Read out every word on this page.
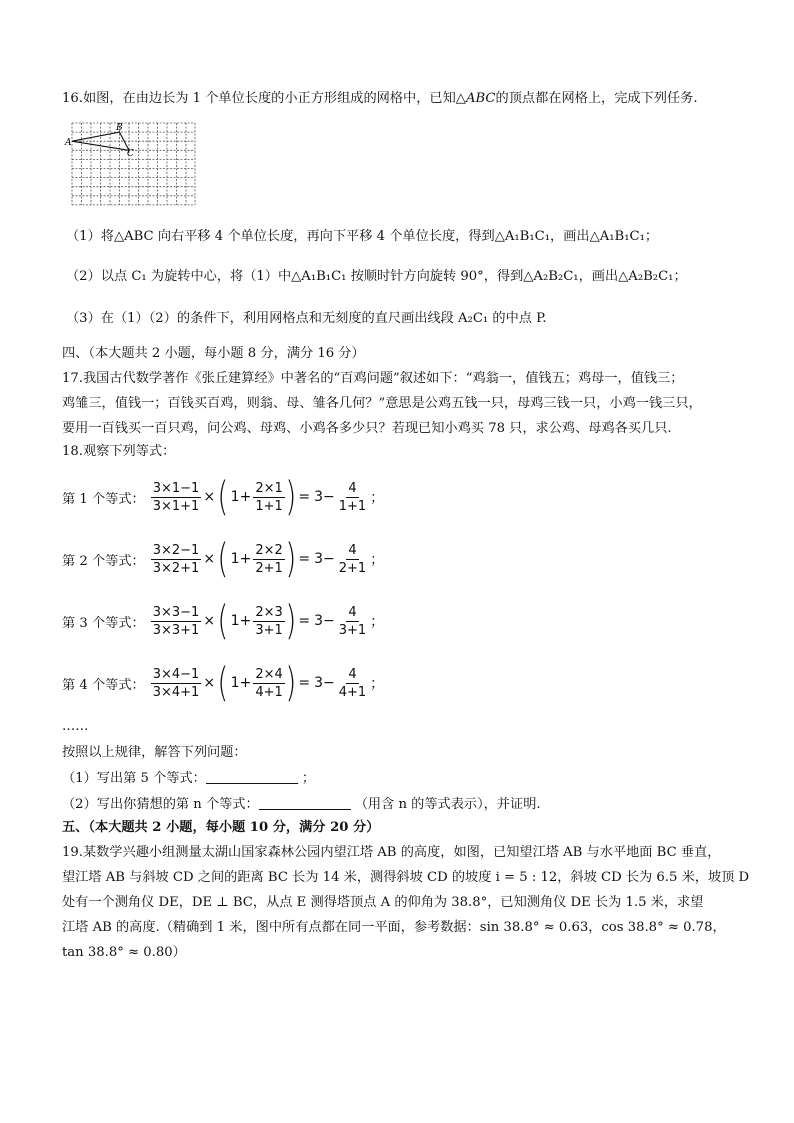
16.如图，在由边长为 1 个单位长度的小正方形组成的网格中，已知△ABC的顶点都在网格上，完成下列任务.
A
B
C
（1）将△ABC 向右平移 4 个单位长度，再向下平移 4 个单位长度，得到△A₁B₁C₁，画出△A₁B₁C₁；
（2）以点 C₁ 为旋转中心，将（1）中△A₁B₁C₁ 按顺时针方向旋转 90°，得到△A₂B₂C₁，画出△A₂B₂C₁；
（3）在（1）（2）的条件下，利用网格点和无刻度的直尺画出线段 A₂C₁ 的中点 P.
四、（本大题共 2 小题，每小题 8 分，满分 16 分）
17.我国古代数学著作《张丘建算经》中著名的“百鸡问题”叙述如下：“鸡翁一，值钱五；鸡母一，值钱三；
鸡雏三，值钱一；百钱买百鸡，则翁、母、雏各几何？”意思是公鸡五钱一只，母鸡三钱一只，小鸡一钱三只，
要用一百钱买一百只鸡，问公鸡、母鸡、小鸡各多少只？若现已知小鸡买 78 只，求公鸡、母鸡各买几只.
18.观察下列等式：
第 1 个等式： $\frac{3\times 1-1}{3\times 1+1}$ × ( $1+ \frac{2\times 1}{1+1}$ ) = $3- \frac{4}{1+1}$ ；
第 2 个等式： $\frac{3\times 2-1}{3\times 2+1}$ × ( $1+ \frac{2\times 2}{2+1}$ ) = $3- \frac{4}{2+1}$ ；
第 3 个等式： $\frac{3\times 3-1}{3\times 3+1}$ × ( $1+ \frac{2\times 3}{3+1}$ ) = $3- \frac{4}{3+1}$ ；
第 4 个等式： $\frac{3\times 4-1}{3\times 4+1}$ × ( $1+ \frac{2\times 4}{4+1}$ ) = $3- \frac{4}{4+1}$ ；
……
按照以上规律，解答下列问题：
（1）写出第 5 个等式：	；
（2）写出你猜想的第 n 个等式：	（用含 n 的等式表示），并证明.
五、（本大题共 2 小题，每小题 10 分，满分 20 分）
19.某数学兴趣小组测量太湖山国家森林公园内望江塔 AB 的高度，如图，已知望江塔 AB 与水平地面 BC 垂直，
望江塔 AB 与斜坡 CD 之间的距离 BC 长为 14 米，测得斜坡 CD 的坡度 i = 5 : 12，斜坡 CD 长为 6.5 米，坡顶 D
处有一个测角仪 DE，DE ⊥ BC，从点 E 测得塔顶点 A 的仰角为 38.8°，已知测角仪 DE 长为 1.5 米，求望
江塔 AB 的高度.（精确到 1 米，图中所有点都在同一平面，参考数据：sin 38.8° ≈ 0.63，cos 38.8° ≈ 0.78，
tan 38.8° ≈ 0.80）
